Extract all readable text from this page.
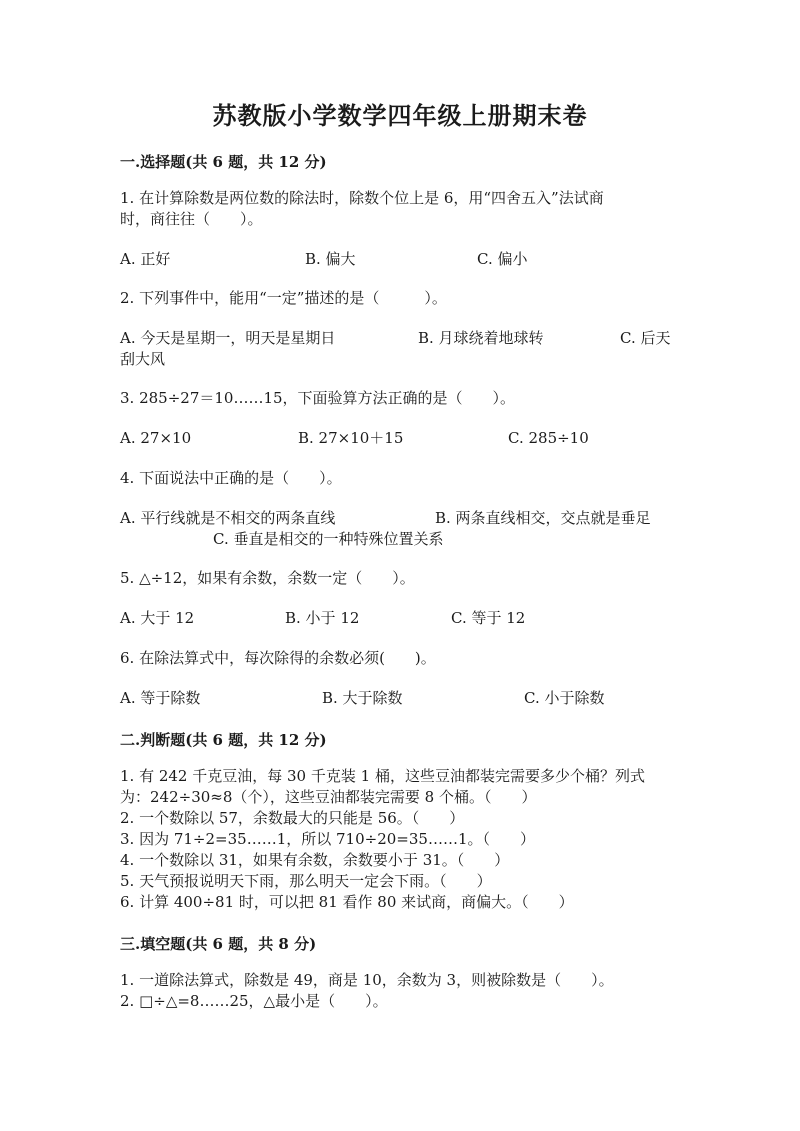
苏教版小学数学四年级上册期末卷
一.选择题(共 6 题，共 12 分)
1. 在计算除数是两位数的除法时，除数个位上是 6，用“四舍五入”法试商
时，商往往（　　）。
A. 正好	B. 偏大	C. 偏小
2. 下列事件中，能用“一定”描述的是（　　　）。
A. 今天是星期一，明天是星期日	B. 月球绕着地球转	C. 后天
刮大风
3. 285÷27＝10……15，下面验算方法正确的是（　　）。
A. 27×10	B. 27×10＋15	C. 285÷10
4. 下面说法中正确的是（　　）。
A. 平行线就是不相交的两条直线	B. 两条直线相交，交点就是垂足
C. 垂直是相交的一种特殊位置关系
5. △÷12，如果有余数，余数一定（　　）。
A. 大于 12	B. 小于 12	C. 等于 12
6. 在除法算式中，每次除得的余数必须(　　)。
A. 等于除数	B. 大于除数	C. 小于除数
二.判断题(共 6 题，共 12 分)
1. 有 242 千克豆油，每 30 千克装 1 桶，这些豆油都装完需要多少个桶？列式
为：242÷30≈8（个），这些豆油都装完需要 8 个桶。（　　）
2. 一个数除以 57，余数最大的只能是 56。（　　）
3. 因为 71÷2=35……1，所以 710÷20=35……1。（　　）
4. 一个数除以 31，如果有余数，余数要小于 31。（　　）
5. 天气预报说明天下雨，那么明天一定会下雨。（　　）
6. 计算 400÷81 时，可以把 81 看作 80 来试商，商偏大。（　　）
三.填空题(共 6 题，共 8 分)
1. 一道除法算式，除数是 49，商是 10，余数为 3，则被除数是（　　）。
2. □÷△=8……25，△最小是（　　）。
